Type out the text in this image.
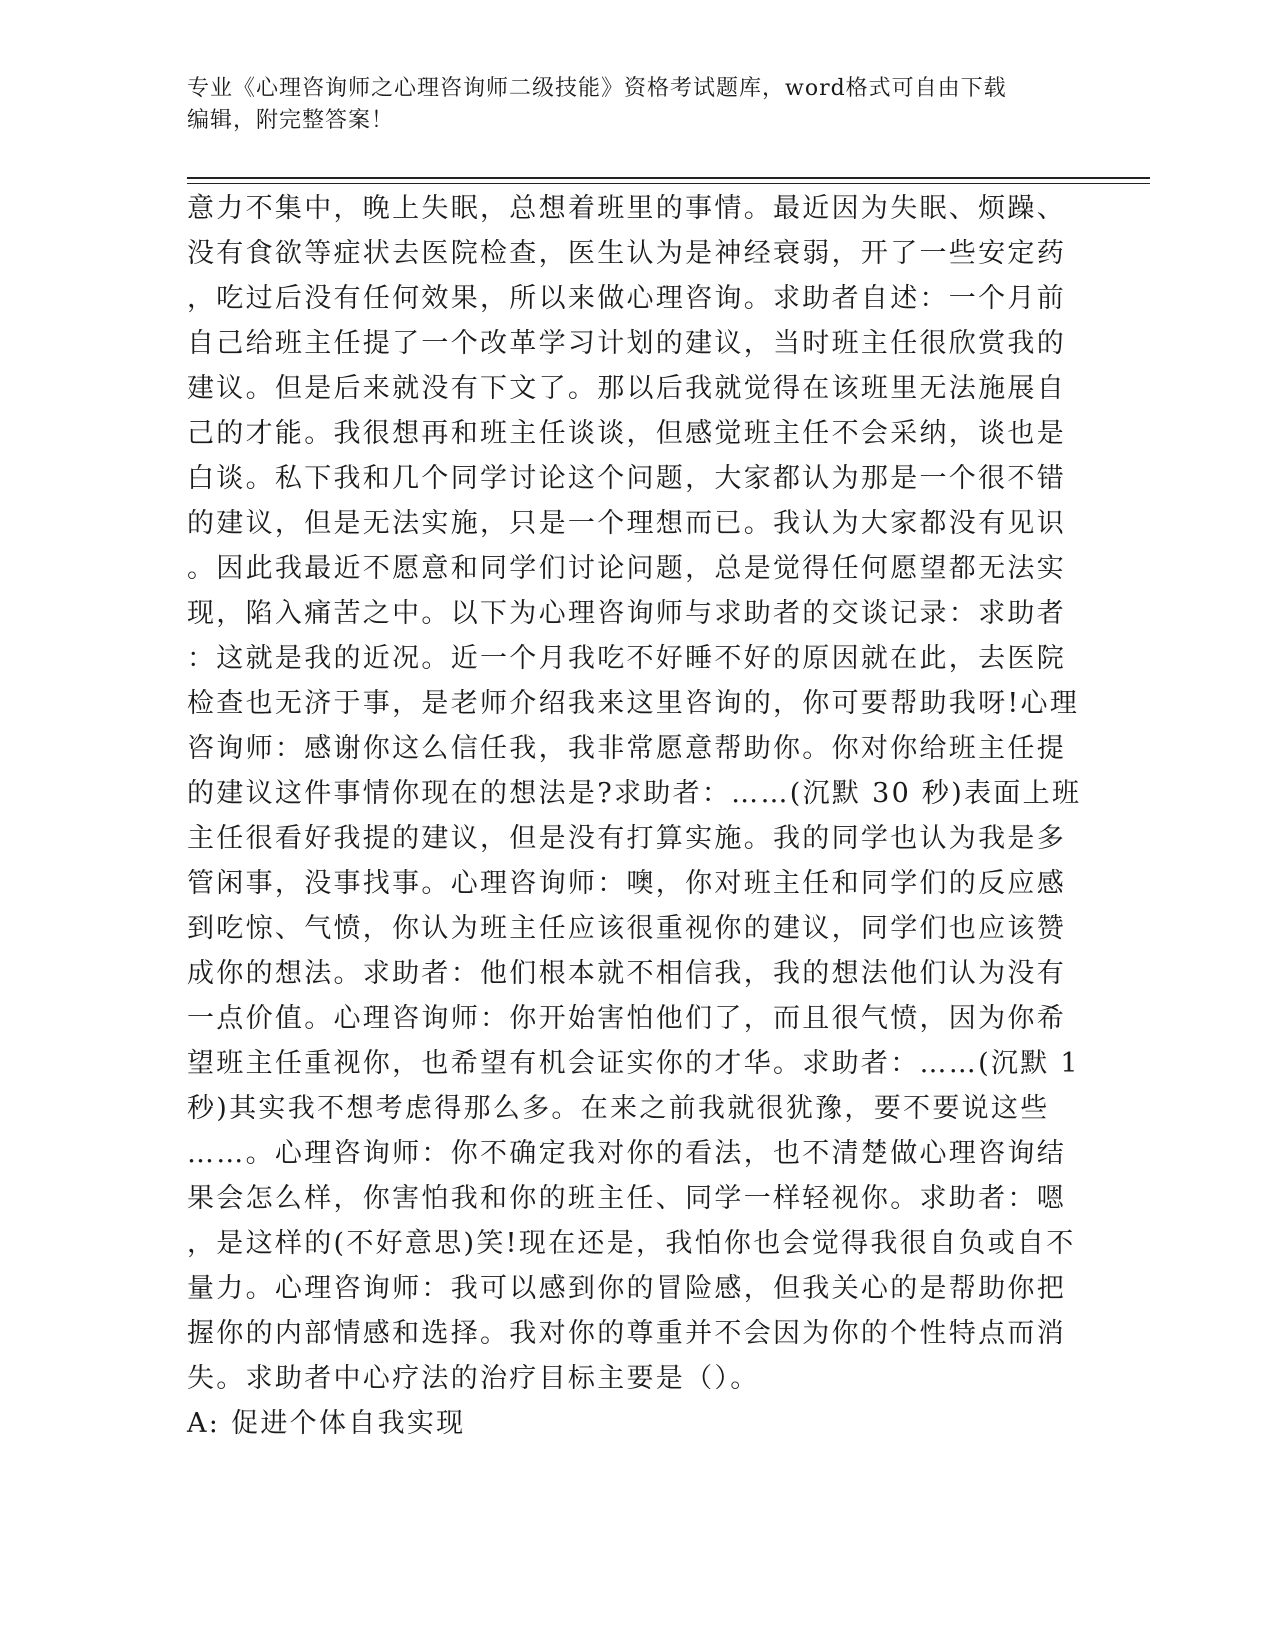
专业《心理咨询师之心理咨询师二级技能》资格考试题库，word格式可自由下载
编辑，附完整答案！
意力不集中，晚上失眠，总想着班里的事情。最近因为失眠、烦躁、
没有食欲等症状去医院检查，医生认为是神经衰弱，开了一些安定药
，吃过后没有任何效果，所以来做心理咨询。求助者自述：一个月前
自己给班主任提了一个改革学习计划的建议，当时班主任很欣赏我的
建议。但是后来就没有下文了。那以后我就觉得在该班里无法施展自
己的才能。我很想再和班主任谈谈，但感觉班主任不会采纳，谈也是
白谈。私下我和几个同学讨论这个问题，大家都认为那是一个很不错
的建议，但是无法实施，只是一个理想而已。我认为大家都没有见识
。因此我最近不愿意和同学们讨论问题，总是觉得任何愿望都无法实
现，陷入痛苦之中。以下为心理咨询师与求助者的交谈记录：求助者
：这就是我的近况。近一个月我吃不好睡不好的原因就在此，去医院
检查也无济于事，是老师介绍我来这里咨询的，你可要帮助我呀!心理
咨询师：感谢你这么信任我，我非常愿意帮助你。你对你给班主任提
的建议这件事情你现在的想法是?求助者：……(沉默 30 秒)表面上班
主任很看好我提的建议，但是没有打算实施。我的同学也认为我是多
管闲事，没事找事。心理咨询师：噢，你对班主任和同学们的反应感
到吃惊、气愤，你认为班主任应该很重视你的建议，同学们也应该赞
成你的想法。求助者：他们根本就不相信我，我的想法他们认为没有
一点价值。心理咨询师：你开始害怕他们了，而且很气愤，因为你希
望班主任重视你，也希望有机会证实你的才华。求助者：……(沉默 1
秒)其实我不想考虑得那么多。在来之前我就很犹豫，要不要说这些
……。心理咨询师：你不确定我对你的看法，也不清楚做心理咨询结
果会怎么样，你害怕我和你的班主任、同学一样轻视你。求助者：嗯
，是这样的(不好意思)笑!现在还是，我怕你也会觉得我很自负或自不
量力。心理咨询师：我可以感到你的冒险感，但我关心的是帮助你把
握你的内部情感和选择。我对你的尊重并不会因为你的个性特点而消
失。求助者中心疗法的治疗目标主要是（）。
A: 促进个体自我实现
